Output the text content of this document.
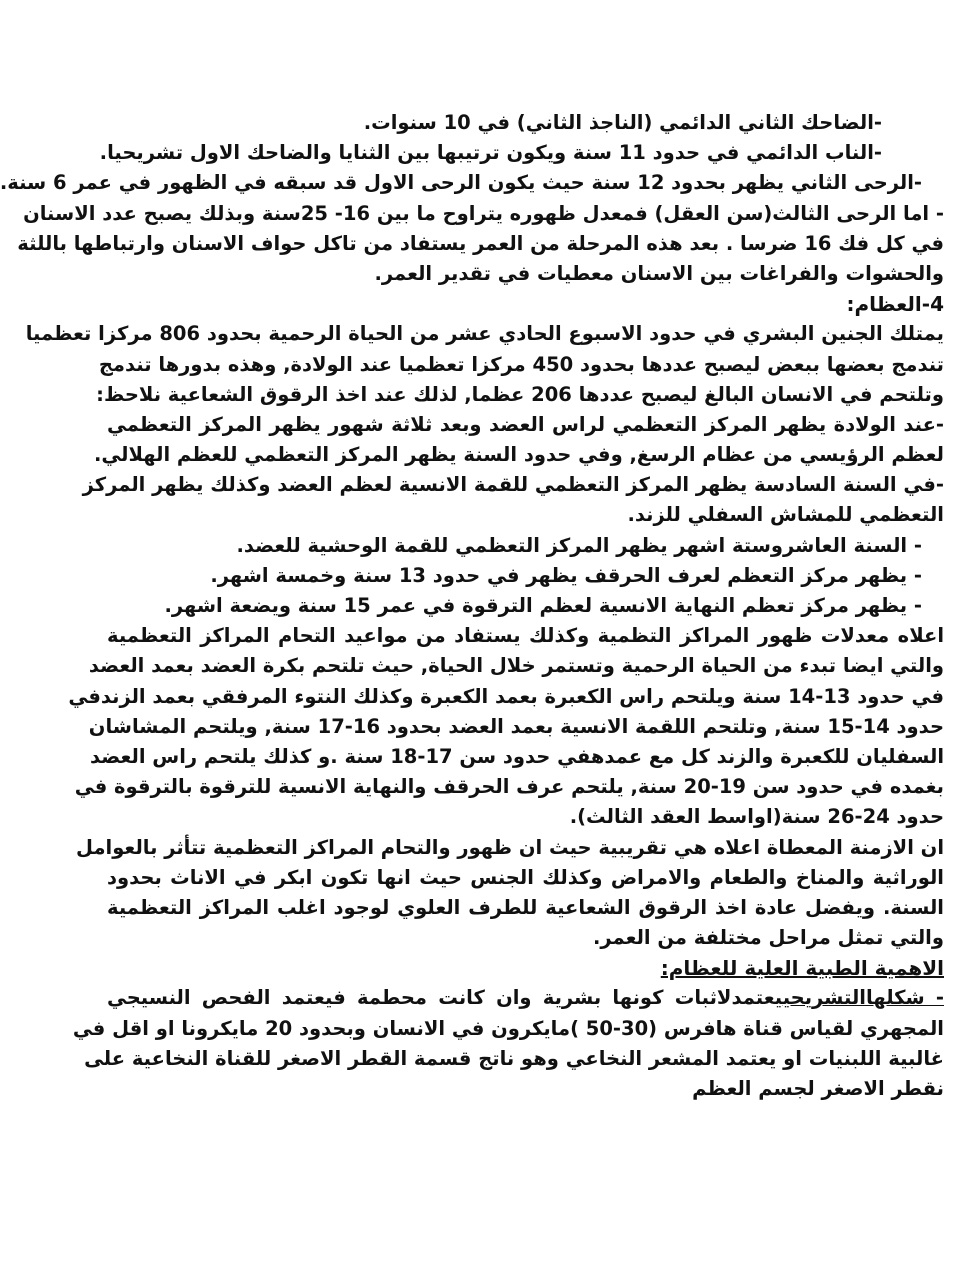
-الضاحك الثاني الدائمي (الناجذ الثاني) في 10 سنوات.
-الناب الدائمي في حدود 11 سنة ويكون ترتيبها بين الثنايا والضاحك الاول تشريحيا.
-الرحى الثاني يظهر بحدود 12 سنة حيث يكون الرحى الاول قد سبقه في الظهور في عمر 6 سنة.
- اما الرحى الثالث(سن العقل) فمعدل ظهوره يتراوح ما بين 16- 25سنة وبذلك يصبح عدد الاسنان
في كل فك 16 ضرسا . بعد هذه المرحلة من العمر يستفاد من تاكل حواف الاسنان وارتباطها باللثة
والحشوات والفراغات بين الاسنان معطيات في تقدير العمر.
4-العظام:
يمتلك الجنين البشري في حدود الاسبوع الحادي عشر من الحياة الرحمية بحدود 806 مركزا تعظميا
تندمج بعضها ببعض ليصبح عددها بحدود 450 مركزا تعظميا عند الولادة, وهذه بدورها تندمج
وتلتحم في الانسان البالغ ليصبح عددها 206 عظما, لذلك عند اخذ الرقوق الشعاعية نلاحظ:
-عند الولادة يظهر المركز التعظمي لراس العضد وبعد ثلاثة شهور يظهر المركز التعظمي
لعظم الرؤيسي من عظام الرسغ, وفي حدود السنة يظهر المركز التعظمي للعظم الهلالي.
-في السنة السادسة يظهر المركز التعظمي للقمة الانسية لعظم العضد وكذلك يظهر المركز
التعظمي للمشاش السفلي للزند.
- السنة العاشروستة اشهر يظهر المركز التعظمي للقمة الوحشية للعضد.
- يظهر مركز التعظم لعرف الحرقف يظهر في حدود 13 سنة وخمسة اشهر.
- يظهر مركز تعظم النهاية الانسية لعظم الترقوة في عمر 15 سنة ويضعة اشهر.
اعلاه معدلات ظهور المراكز التظمية وكذلك يستفاد من مواعيد التحام المراكز التعظمية
والتي ايضا تبدء من الحياة الرحمية وتستمر خلال الحياة, حيث تلتحم بكرة العضد بعمد العضد
في حدود 13-14 سنة ويلتحم راس الكعبرة بعمد الكعبرة وكذلك النتوء المرفقي بعمد الزندفي
حدود 14-15 سنة, وتلتحم اللقمة الانسية بعمد العضد بحدود 16-17 سنة, ويلتحم المشاشان
السفليان للكعبرة والزند كل مع عمدهفي حدود سن 17-18 سنة .و كذلك يلتحم راس العضد
بغمده في حدود سن 19-20 سنة, يلتحم عرف الحرقف والنهاية الانسية للترقوة بالترقوة في
حدود 24-26 سنة(اواسط العقد الثالث).
ان الازمنة المعطاة اعلاه هي تقريبية حيث ان ظهور والتحام المراكز التعظمية تتأثر بالعوامل
الوراثية والمناخ والطعام والامراض وكذلك الجنس حيث انها تكون ابكر في الاناث بحدود
السنة. ويفضل عادة اخذ الرقوق الشعاعية للطرف العلوي لوجود اغلب المراكز التعظمية
والتي تمثل مراحل مختلفة من العمر.
الاهمية الطبية العلية للعظام:
- شكلهاالتشريحييعتمدلاثبات كونها بشرية وان كانت محطمة فيعتمد الفحص النسيجي
المجهري لقياس قناة هافرس (30-50 )مايكرون في الانسان وبحدود 20 مايكرونا او اقل في
غالبية اللبنيات او يعتمد المشعر النخاعي وهو ناتج قسمة القطر الاصغر للقناة النخاعية على
نقطر الاصغر لجسم العظم
